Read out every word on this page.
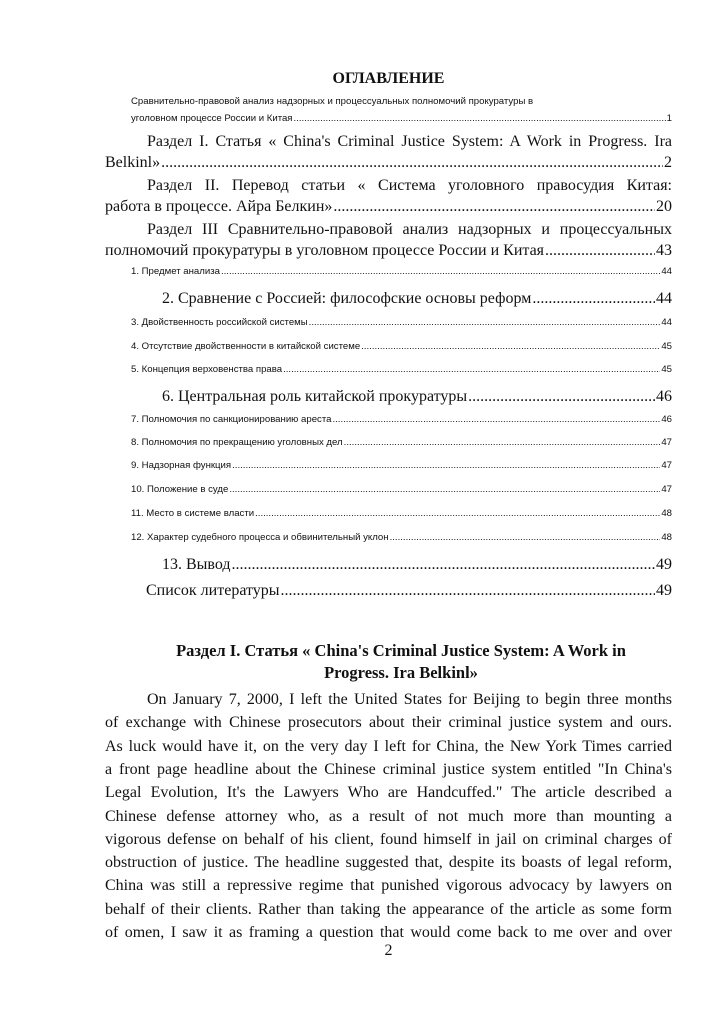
ОГЛАВЛЕНИЕ
Сравнительно-правовой анализ надзорных и процессуальных полномочий прокуратуры в
уголовном процессе России и Китая .....	1
Раздел I. Статья « China's Criminal Justice System: A Work in Progress. Ira
Belkinl» .....	2
Раздел II. Перевод статьи « Система уголовного правосудия Китая:
работа в процессе. Айра Белкин» .....	20
Раздел III Сравнительно-правовой анализ надзорных и процессуальных
полномочий прокуратуры в уголовном процессе России и Китая .....	43
1. Предмет анализа .....	44
2. Сравнение с Россией: философские основы реформ .....	44
3. Двойственность российской системы .....	44
4. Отсутствие двойственности в китайской системе .....	45
5. Концепция верховенства права .....	45
6. Центральная роль китайской прокуратуры .....	46
7. Полномочия по санкционированию ареста .....	46
8. Полномочия по прекращению уголовных дел .....	47
9. Надзорная функция .....	47
10. Положение в суде .....	47
11. Место в системе власти .....	48
12. Характер судебного процесса и обвинительный уклон .....	48
13. Вывод .....	49
Список литературы .....	49
Раздел I. Статья « China's Criminal Justice System: A Work in
Progress. Ira Belkinl»
On January 7, 2000, I left the United States for Beijing to begin three months
of exchange with Chinese prosecutors about their criminal justice system and ours.
As luck would have it, on the very day I left for China, the New York Times carried
a front page headline about the Chinese criminal justice system entitled "In China's
Legal Evolution, It's the Lawyers Who are Handcuffed." The article described a
Chinese defense attorney who, as a result of not much more than mounting a
vigorous defense on behalf of his client, found himself in jail on criminal charges of
obstruction of justice. The headline suggested that, despite its boasts of legal reform,
China was still a repressive regime that punished vigorous advocacy by lawyers on
behalf of their clients. Rather than taking the appearance of the article as some form
of omen, I saw it as framing a question that would come back to me over and over
2
